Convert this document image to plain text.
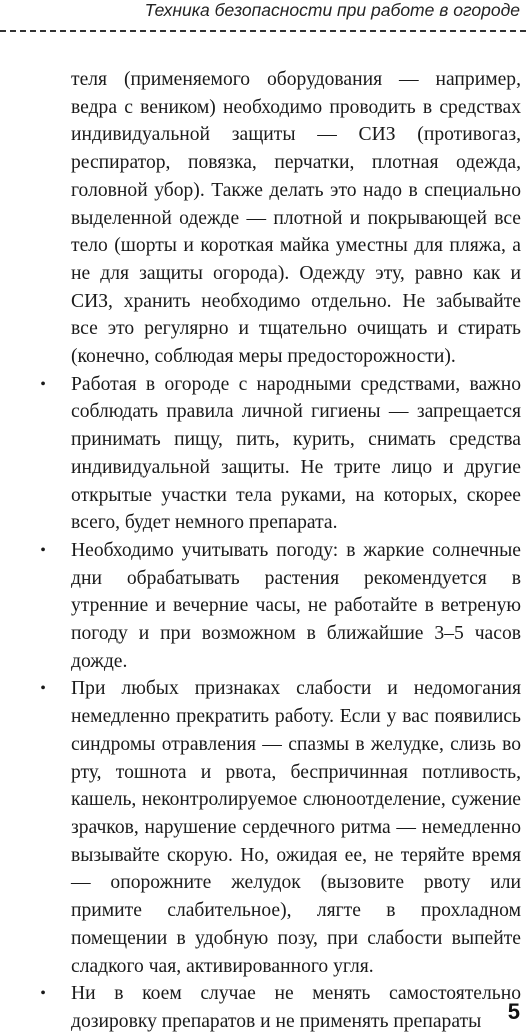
Техника безопасности при работе в огороде

теля (применяемого оборудования — например, ведра с веником) необходимо проводить в средствах индивидуальной защиты — СИЗ (противогаз, респиратор, повязка, перчатки, плотная одежда, головной убор). Также делать это надо в специально выделенной одежде — плотной и покрывающей все тело (шорты и короткая майка уместны для пляжа, а не для защиты огорода). Одежду эту, равно как и СИЗ, хранить необходимо отдельно. Не забывайте все это регулярно и тщательно очищать и стирать (конечно, соблюдая меры предосторожности).

• Работая в огороде с народными средствами, важно соблюдать правила личной гигиены — запрещается принимать пищу, пить, курить, снимать средства индивидуальной защиты. Не трите лицо и другие открытые участки тела руками, на которых, скорее всего, будет немного препарата.
• Необходимо учитывать погоду: в жаркие солнечные дни обрабатывать растения рекомендуется в утренние и вечерние часы, не работайте в ветреную погоду и при возможном в ближайшие 3–5 часов дожде.
• При любых признаках слабости и недомогания немедленно прекратить работу. Если у вас появились синдромы отравления — спазмы в желудке, слизь во рту, тошнота и рвота, беспричинная потливость, кашель, неконтролируемое слюноотделение, сужение зрачков, нарушение сердечного ритма — немедленно вызывайте скорую. Но, ожидая ее, не теряйте время — опорожните желудок (вызовите рвоту или примите слабительное), лягте в прохладном помещении в удобную позу, при слабости выпейте сладкого чая, активированного угля.
• Ни в коем случае не менять самостоятельно дозировку препаратов и не применять препараты	5
